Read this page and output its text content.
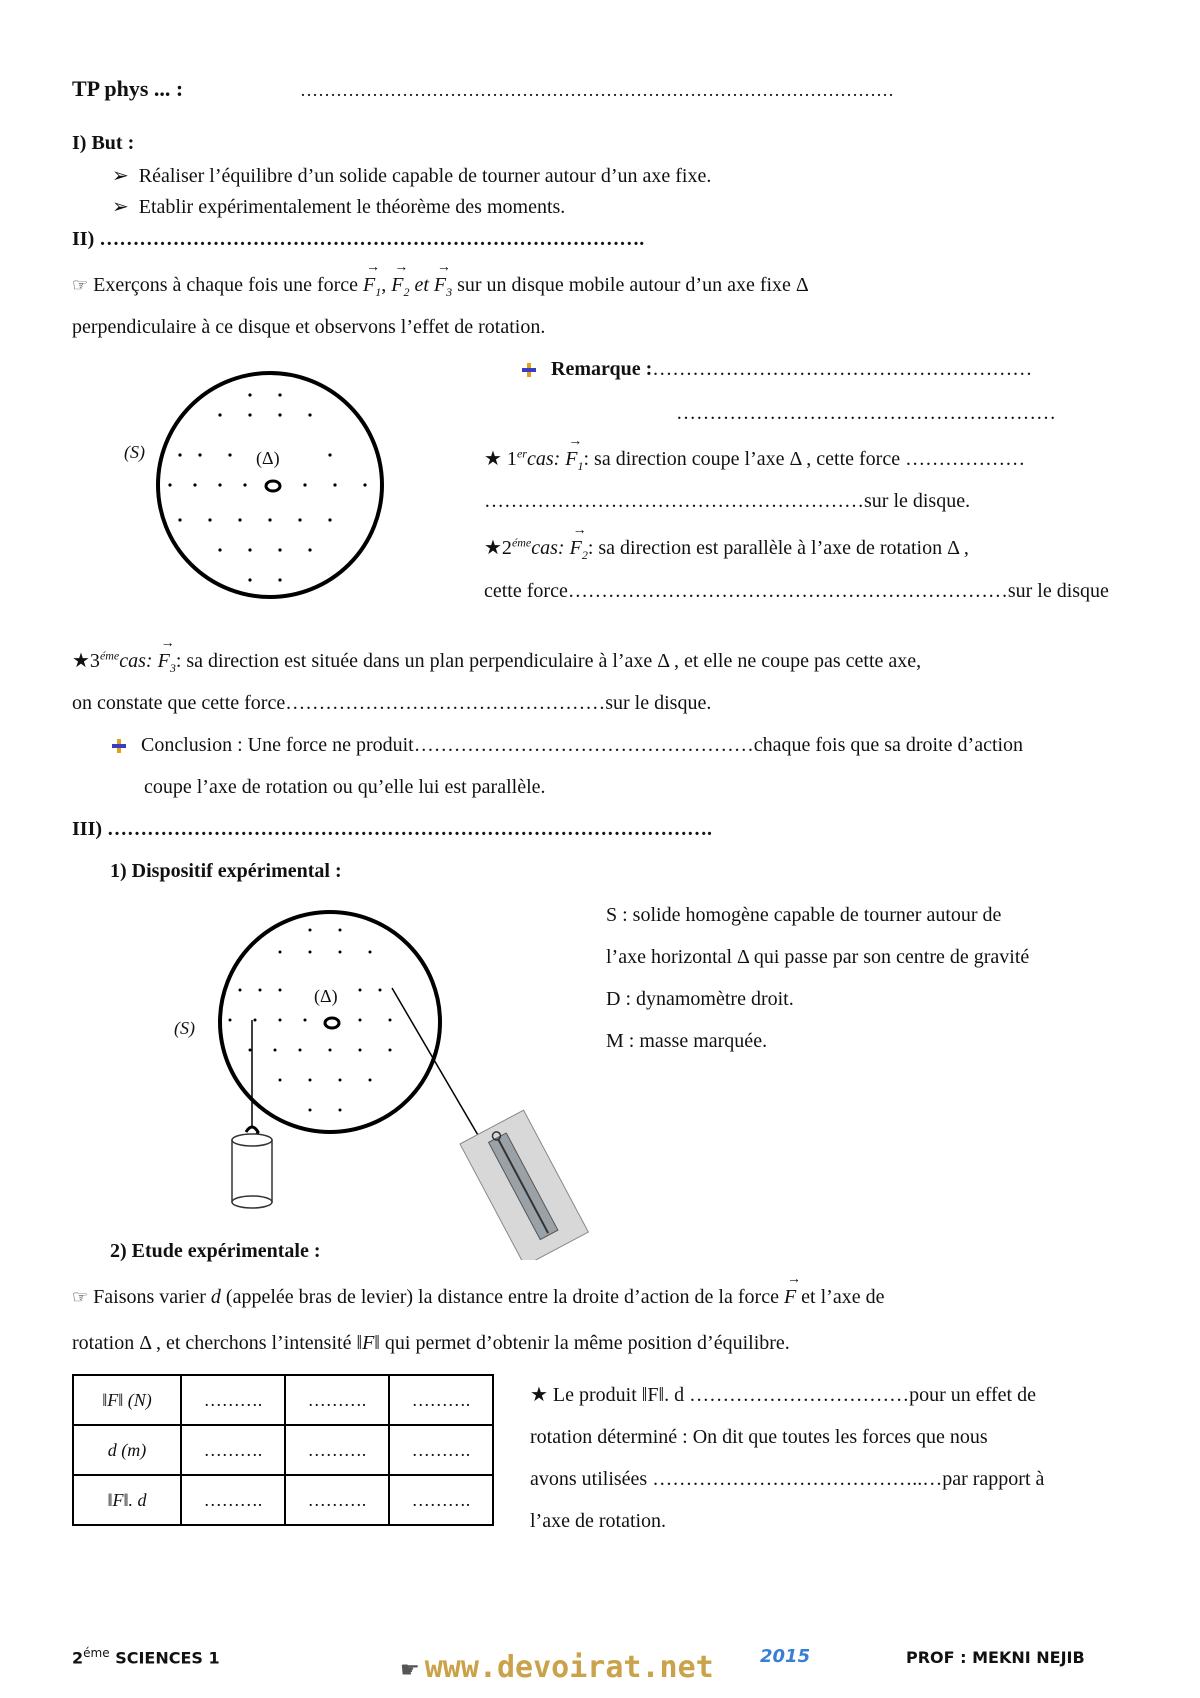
TP phys ... :	………………………………………………………………………………………
I) But :
➢ Réaliser l’équilibre d’un solide capable de tourner autour d’un axe fixe.
➢ Etablir expérimentalement le théorème des moments.
II) ……………………………………………………………………….
☞ Exerçons à chaque fois une force → $F_1$, → $F_2$ et → $F_3$ sur un disque mobile autour d’un axe fixe Δ
perpendiculaire à ce disque et observons l’effet de rotation.
(S)	(Δ)
Remarque :…………………………………………………
…………………………………………………
★ 1ercas: → $F_1$: sa direction coupe l’axe Δ , cette force ………………
…………………………………………………sur le disque.
$★2^{éme}cas$: → $F_2$: sa direction est parallèle à l’axe de rotation Δ ,
cette force…………………………………………………………sur le disque
$★3^{éme}cas$: → $F_3$: sa direction est située dans un plan perpendiculaire à l’axe Δ , et elle ne coupe pas cette axe,
on constate que cette force…………………………………………sur le disque.
Conclusion : Une force ne produit……………………………………………chaque fois que sa droite d’action
coupe l’axe de rotation ou qu’elle lui est parallèle.
III) ……………………………………………………………………………….
1) Dispositif expérimental :
(S)
(Δ)
S : solide homogène capable de tourner autour de
l’axe horizontal Δ qui passe par son centre de gravité
D : dynamomètre droit.
M : masse marquée.
2) Etude expérimentale :
☞ Faisons varier d (appelée bras de levier) la distance entre la droite d’action de la force → F et l’axe de
rotation Δ , et cherchons l’intensité ‖F‖ qui permet d’obtenir la même position d’équilibre.
‖F‖ (N)	……….	……….	……….
d (m)	……….	……….	……….
‖F‖. d	……….	……….	……….
★ Le produit ‖F‖. d ……………………………pour un effet de
rotation déterminé : On dit que toutes les forces que nous
avons utilisées …………………………………..…par rapport à
l’axe de rotation.
$2^{éme}$ SCIENCES 1	☛ www.devoirat.net	2015	PROF : MEKNI NEJIB
